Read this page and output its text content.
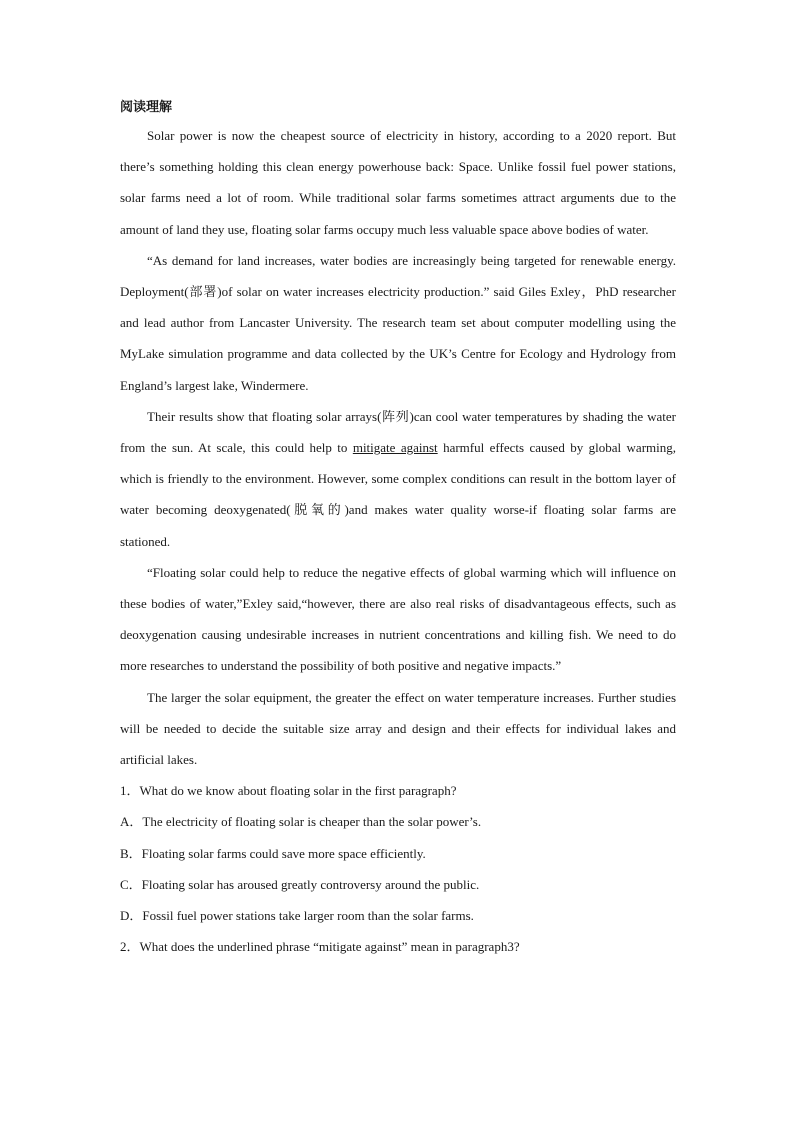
阅读理解

Solar power is now the cheapest source of electricity in history, according to a 2020 report. But there’s something holding this clean energy powerhouse back: Space. Unlike fossil fuel power stations, solar farms need a lot of room. While traditional solar farms sometimes attract arguments due to the amount of land they use, floating solar farms occupy much less valuable space above bodies of water.

“As demand for land increases, water bodies are increasingly being targeted for renewable energy. Deployment(部署)of solar on water increases electricity production.” said Giles Exley，PhD researcher and lead author from Lancaster University. The research team set about computer modelling using the MyLake simulation programme and data collected by the UK’s Centre for Ecology and Hydrology from England’s largest lake, Windermere.

Their results show that floating solar arrays(阵列)can cool water temperatures by shading the water from the sun. At scale, this could help to mitigate against harmful effects caused by global warming, which is friendly to the environment. However, some complex conditions can result in the bottom layer of water becoming deoxygenated(脱氧的)and makes water quality worse-if floating solar farms are stationed.

“Floating solar could help to reduce the negative effects of global warming which will influence on these bodies of water,”Exley said,“however, there are also real risks of disadvantageous effects, such as deoxygenation causing undesirable increases in nutrient concentrations and killing fish. We need to do more researches to understand the possibility of both positive and negative impacts.”

The larger the solar equipment, the greater the effect on water temperature increases. Further studies will be needed to decide the suitable size array and design and their effects for individual lakes and artificial lakes.

1．What do we know about floating solar in the first paragraph?

A．The electricity of floating solar is cheaper than the solar power’s.

B．Floating solar farms could save more space efficiently.

C．Floating solar has aroused greatly controversy around the public.

D．Fossil fuel power stations take larger room than the solar farms.

2．What does the underlined phrase “mitigate against” mean in paragraph3?
